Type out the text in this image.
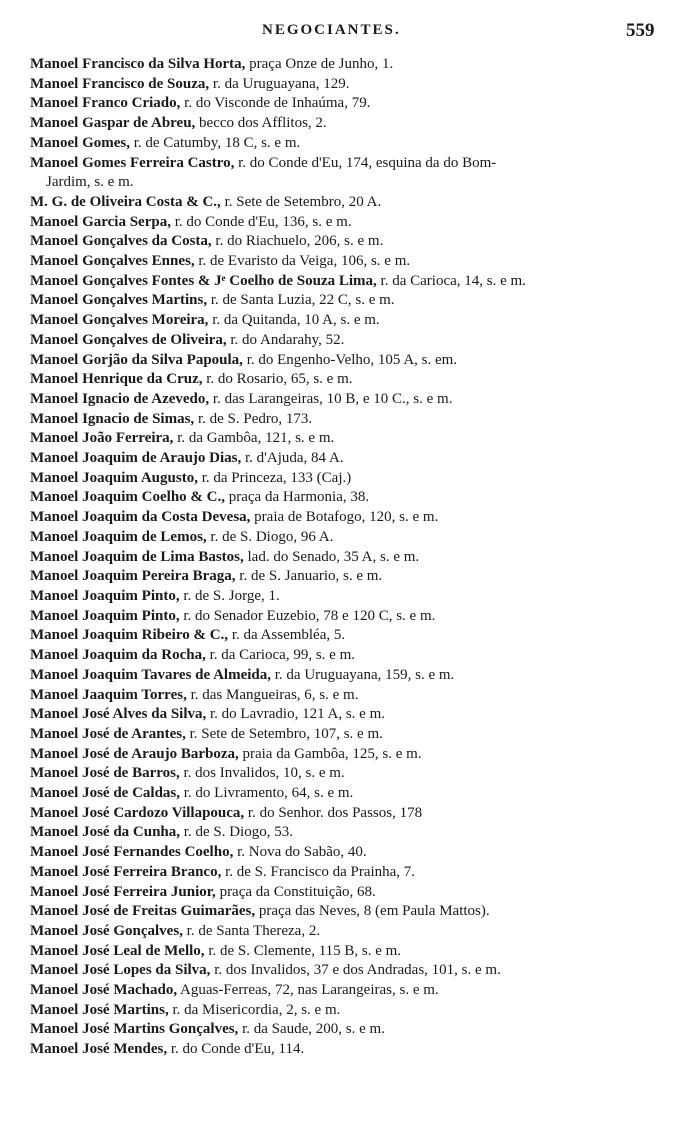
NEGOCIANTES.	559
Manoel Francisco da Silva Horta, praça Onze de Junho, 1.
Manoel Francisco de Souza, r. da Uruguayana, 129.
Manoel Franco Criado, r. do Visconde de Inhaúma, 79.
Manoel Gaspar de Abreu, becco dos Afflitos, 2.
Manoel Gomes, r. de Catumby, 18 C, s. e m.
Manoel Gomes Ferreira Castro, r. do Conde d'Eu, 174, esquina da do Bom-
Jardim, s. e m.
M. G. de Oliveira Costa & C., r. Sete de Setembro, 20 A.
Manoel Garcia Serpa, r. do Conde d'Eu, 136, s. e m.
Manoel Gonçalves da Costa, r. do Riachuelo, 206, s. e m.
Manoel Gonçalves Ennes, r. de Evaristo da Veiga, 106, s. e m.
Manoel Gonçalves Fontes & Jᵉ Coelho de Souza Lima, r. da Carioca, 14, s. e m.
Manoel Gonçalves Martins, r. de Santa Luzia, 22 C, s. e m.
Manoel Gonçalves Moreira, r. da Quitanda, 10 A, s. e m.
Manoel Gonçalves de Oliveira, r. do Andarahy, 52.
Manoel Gorjão da Silva Papoula, r. do Engenho-Velho, 105 A, s. em.
Manoel Henrique da Cruz, r. do Rosario, 65, s. e m.
Manoel Ignacio de Azevedo, r. das Larangeiras, 10 B, e 10 C., s. e m.
Manoel Ignacio de Simas, r. de S. Pedro, 173.
Manoel João Ferreira, r. da Gambôa, 121, s. e m.
Manoel Joaquim de Araujo Dias, r. d'Ajuda, 84 A.
Manoel Joaquim Augusto, r. da Princeza, 133 (Caj.)
Manoel Joaquim Coelho & C., praça da Harmonia, 38.
Manoel Joaquim da Costa Devesa, praia de Botafogo, 120, s. e m.
Manoel Joaquim de Lemos, r. de S. Diogo, 96 A.
Manoel Joaquim de Lima Bastos, lad. do Senado, 35 A, s. e m.
Manoel Joaquim Pereira Braga, r. de S. Januario, s. e m.
Manoel Joaquim Pinto, r. de S. Jorge, 1.
Manoel Joaquim Pinto, r. do Senador Euzebio, 78 e 120 C, s. e m.
Manoel Joaquim Ribeiro & C., r. da Assembléa, 5.
Manoel Joaquim da Rocha, r. da Carioca, 99, s. e m.
Manoel Joaquim Tavares de Almeida, r. da Uruguayana, 159, s. e m.
Manoel Jaaquim Torres, r. das Mangueiras, 6, s. e m.
Manoel José Alves da Silva, r. do Lavradio, 121 A, s. e m.
Manoel José de Arantes, r. Sete de Setembro, 107, s. e m.
Manoel José de Araujo Barboza, praia da Gambôa, 125, s. e m.
Manoel José de Barros, r. dos Invalidos, 10, s. e m.
Manoel José de Caldas, r. do Livramento, 64, s. e m.
Manoel José Cardozo Villapouca, r. do Senhor. dos Passos, 178
Manoel José da Cunha, r. de S. Diogo, 53.
Manoel José Fernandes Coelho, r. Nova do Sabão, 40.
Manoel José Ferreira Branco, r. de S. Francisco da Prainha, 7.
Manoel José Ferreira Junior, praça da Constituição, 68.
Manoel José de Freitas Guimarães, praça das Neves, 8 (em Paula Mattos).
Manoel José Gonçalves, r. de Santa Thereza, 2.
Manoel José Leal de Mello, r. de S. Clemente, 115 B, s. e m.
Manoel José Lopes da Silva, r. dos Invalidos, 37 e dos Andradas, 101, s. e m.
Manoel José Machado, Aguas-Ferreas, 72, nas Larangeiras, s. e m.
Manoel José Martins, r. da Misericordia, 2, s. e m.
Manoel José Martins Gonçalves, r. da Saude, 200, s. e m.
Manoel José Mendes, r. do Conde d'Eu, 114.
